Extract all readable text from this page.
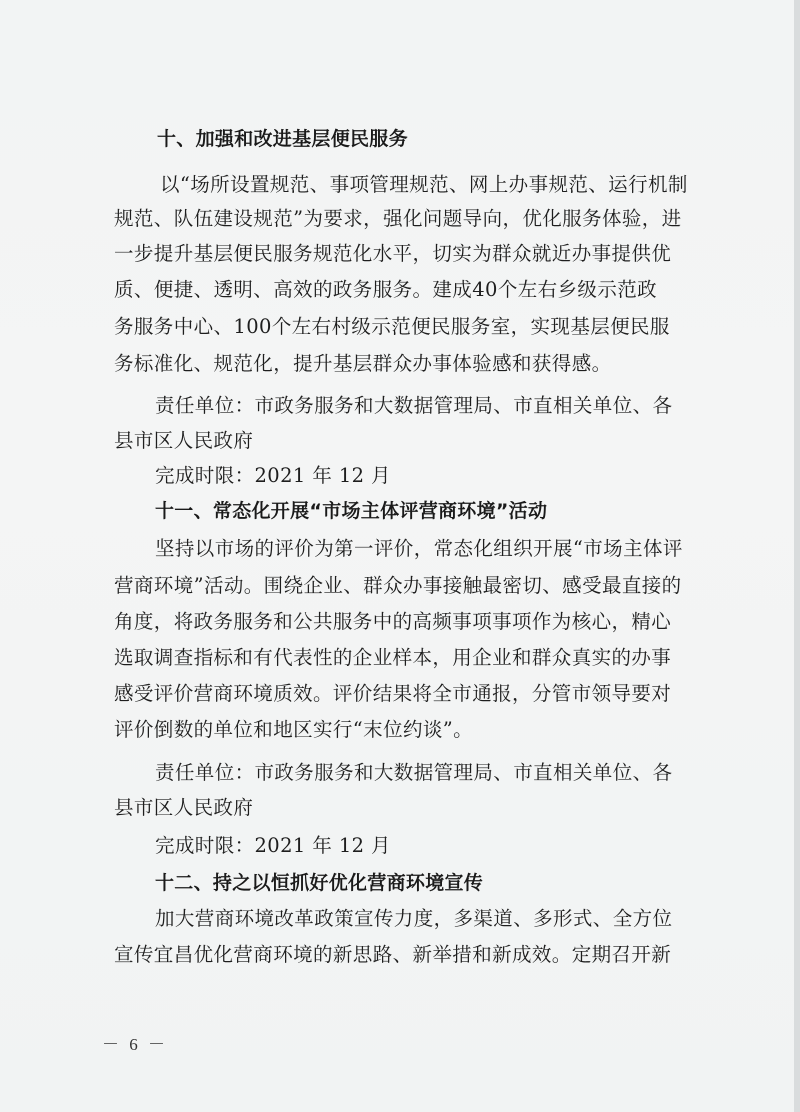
十、加强和改进基层便民服务
以“场所设置规范、事项管理规范、网上办事规范、运行机制
规范、队伍建设规范”为要求，强化问题导向，优化服务体验，进
一步提升基层便民服务规范化水平，切实为群众就近办事提供优
质、便捷、透明、高效的政务服务。建成40个左右乡级示范政
务服务中心、100个左右村级示范便民服务室，实现基层便民服
务标准化、规范化，提升基层群众办事体验感和获得感。
责任单位：市政务服务和大数据管理局、市直相关单位、各
县市区人民政府
完成时限：2021 年 12 月
十一、常态化开展“市场主体评营商环境”活动
坚持以市场的评价为第一评价，常态化组织开展“市场主体评
营商环境”活动。围绕企业、群众办事接触最密切、感受最直接的
角度，将政务服务和公共服务中的高频事项事项作为核心，精心
选取调查指标和有代表性的企业样本，用企业和群众真实的办事
感受评价营商环境质效。评价结果将全市通报，分管市领导要对
评价倒数的单位和地区实行“末位约谈”。
责任单位：市政务服务和大数据管理局、市直相关单位、各
县市区人民政府
完成时限：2021 年 12 月
十二、持之以恒抓好优化营商环境宣传
加大营商环境改革政策宣传力度，多渠道、多形式、全方位
宣传宜昌优化营商环境的新思路、新举措和新成效。定期召开新
－ 6 －
